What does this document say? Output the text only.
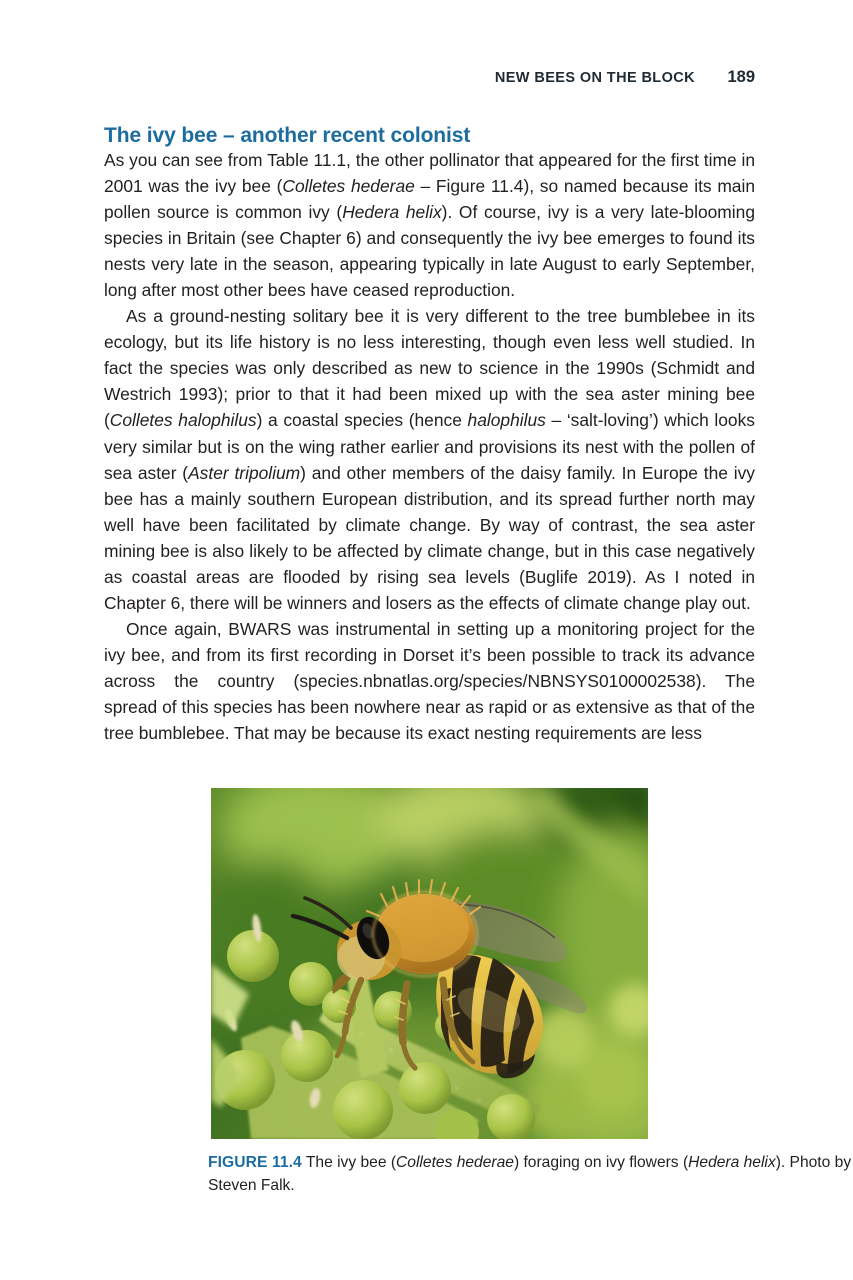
NEW BEES ON THE BLOCK	189
The ivy bee – another recent colonist

As you can see from Table 11.1, the other pollinator that appeared for the first time in 2001 was the ivy bee (Colletes hederae – Figure 11.4), so named because its main pollen source is common ivy (Hedera helix). Of course, ivy is a very late-blooming species in Britain (see Chapter 6) and consequently the ivy bee emerges to found its nests very late in the season, appearing typically in late August to early September, long after most other bees have ceased reproduction.

As a ground-nesting solitary bee it is very different to the tree bumblebee in its ecology, but its life history is no less interesting, though even less well studied. In fact the species was only described as new to science in the 1990s (Schmidt and Westrich 1993); prior to that it had been mixed up with the sea aster mining bee (Colletes halophilus) a coastal species (hence halophilus – ‘salt-loving’) which looks very similar but is on the wing rather earlier and provisions its nest with the pollen of sea aster (Aster tripolium) and other members of the daisy family. In Europe the ivy bee has a mainly southern European distribution, and its spread further north may well have been facilitated by climate change. By way of contrast, the sea aster mining bee is also likely to be affected by climate change, but in this case negatively as coastal areas are flooded by rising sea levels (Buglife 2019). As I noted in Chapter 6, there will be winners and losers as the effects of climate change play out.

Once again, BWARS was instrumental in setting up a monitoring project for the ivy bee, and from its first recording in Dorset it’s been possible to track its advance across the country (species.nbnatlas.org/species/NBNSYS0100002538). The spread of this species has been nowhere near as rapid or as extensive as that of the tree bumblebee. That may be because its exact nesting requirements are less

FIGURE 11.4 The ivy bee (Colletes hederae) foraging on ivy flowers (Hedera helix). Photo by Steven Falk.
